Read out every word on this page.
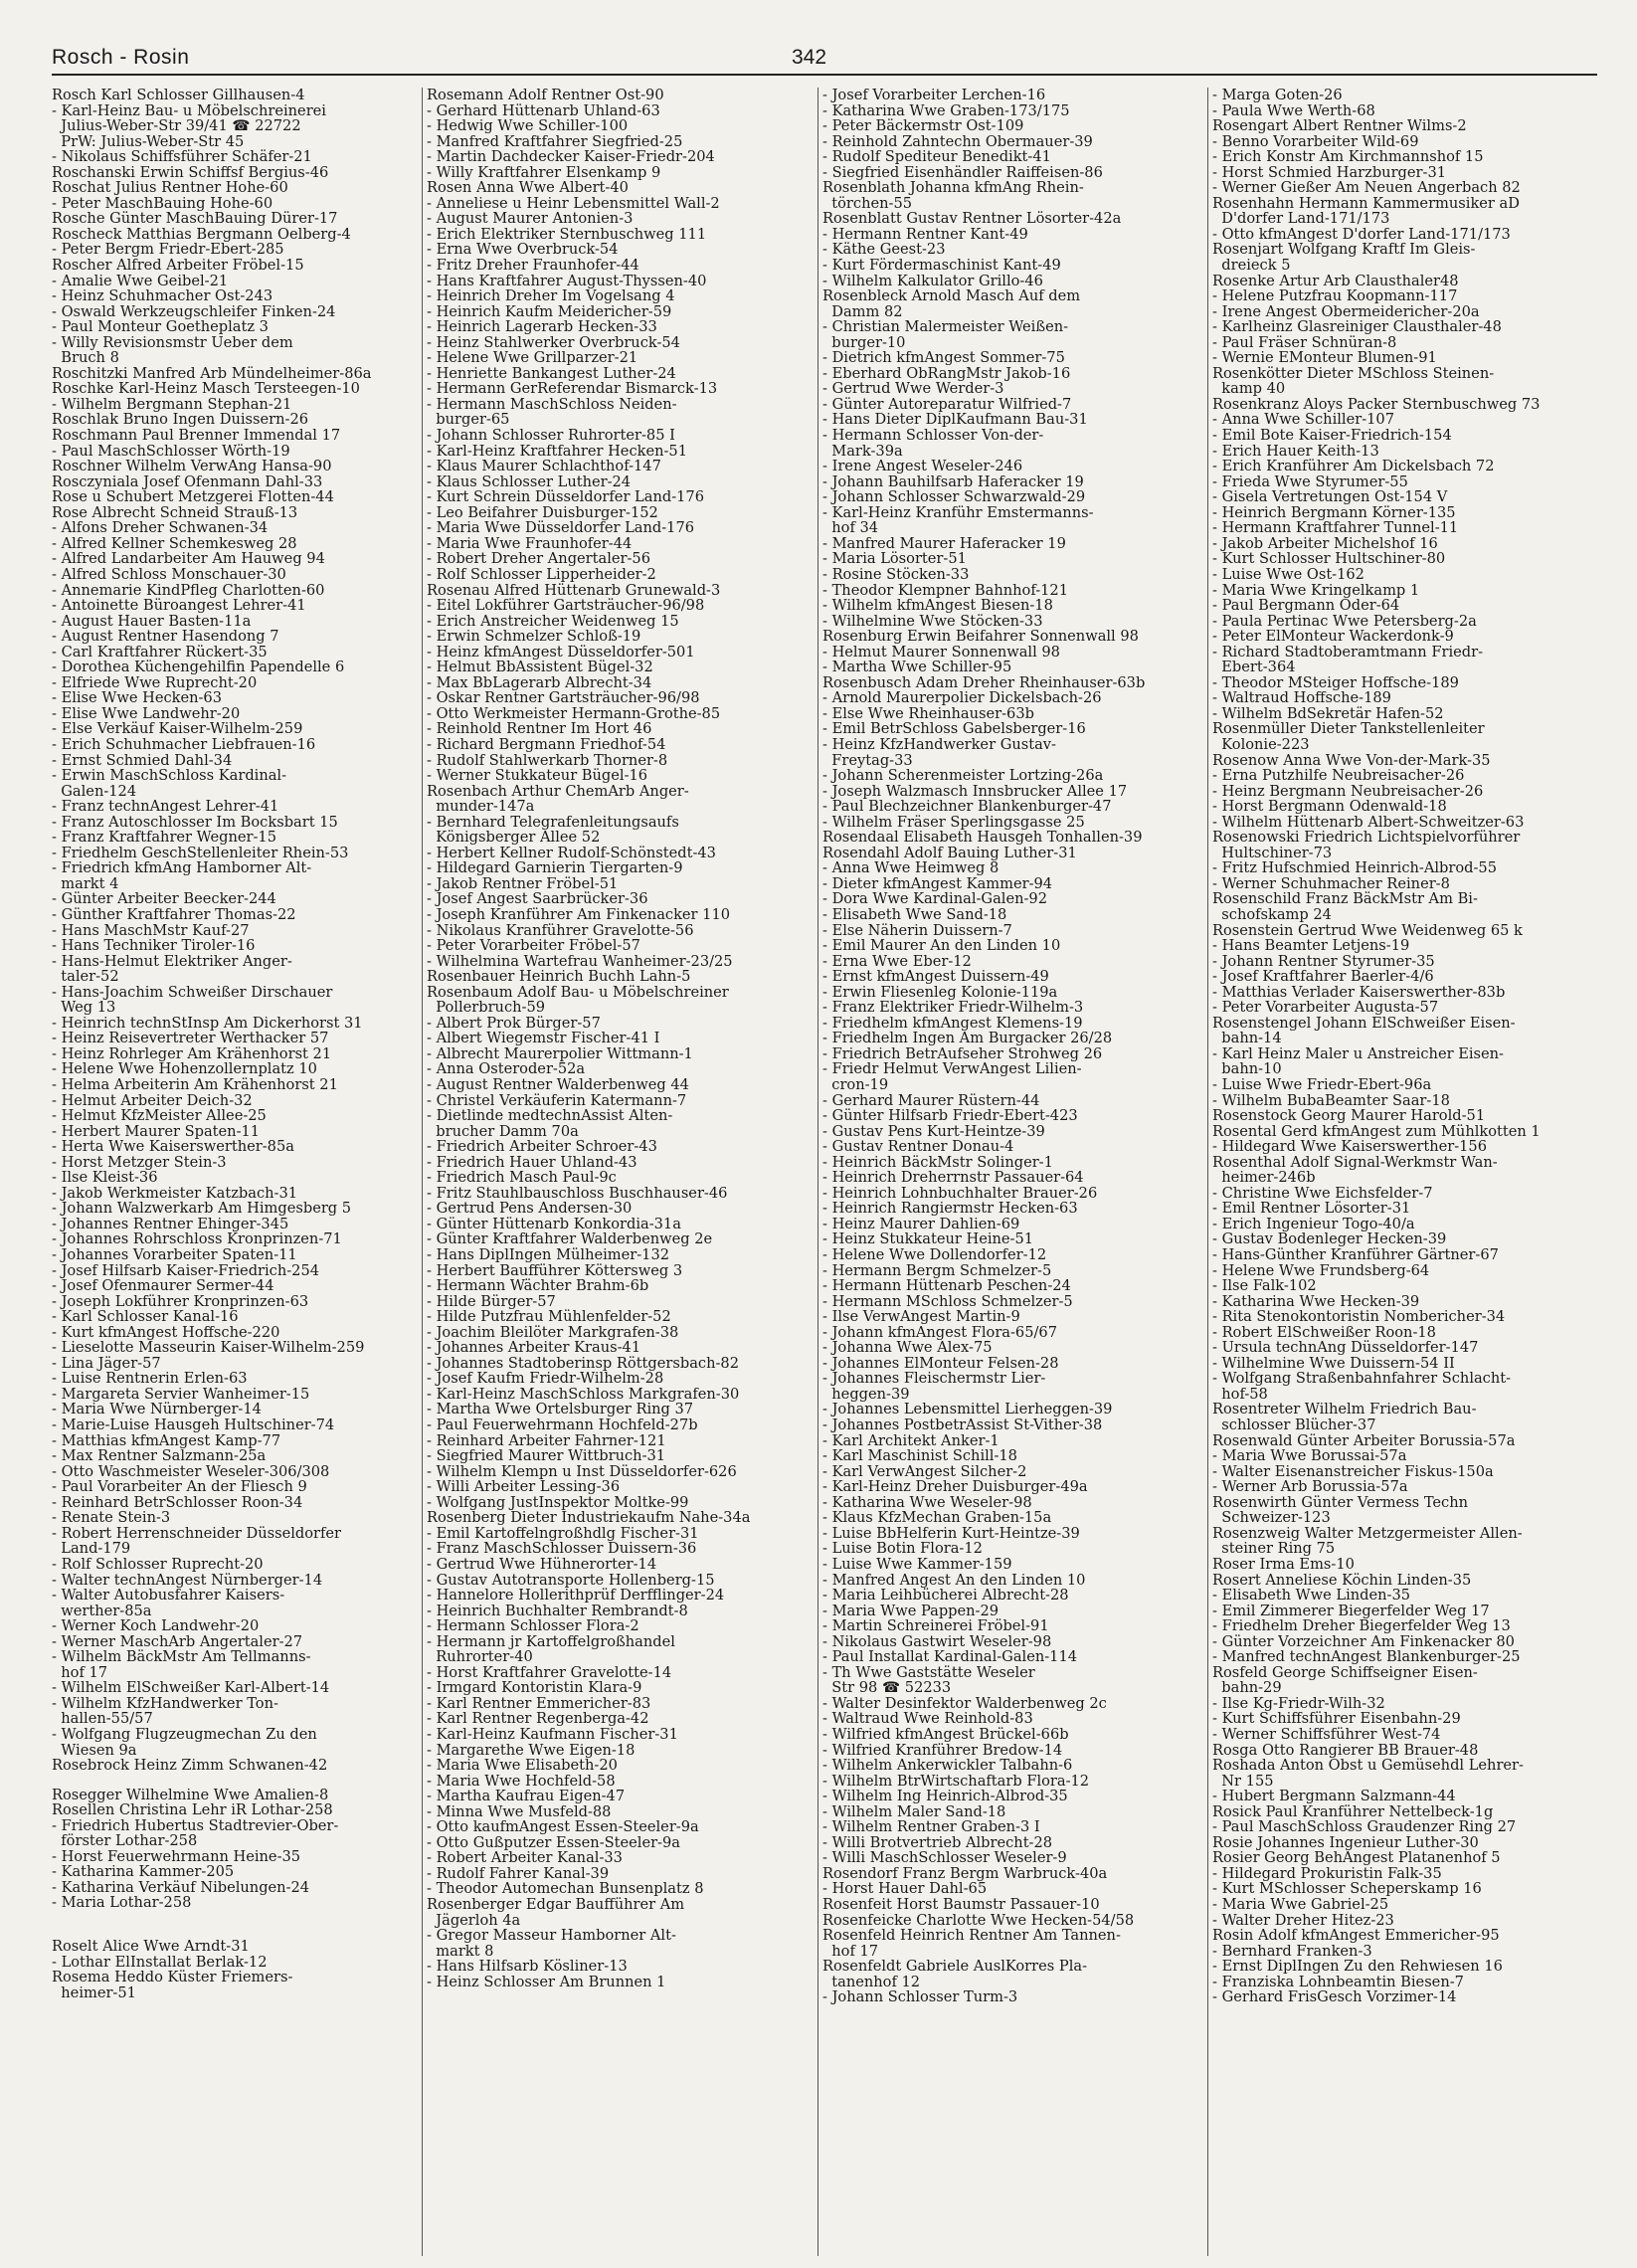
Rosch - Rosin	342
Rosch Karl Schlosser Gillhausen-4
- Karl-Heinz Bau- u Möbelschreinerei
Julius-Weber-Str 39/41 ☎ 22722
PrW: Julius-Weber-Str 45
- Nikolaus Schiffsführer Schäfer-21
Roschanski Erwin Schiffsf Bergius-46
Roschat Julius Rentner Hohe-60
- Peter MaschBauing Hohe-60
Rosche Günter MaschBauing Dürer-17
Roscheck Matthias Bergmann Oelberg-4
- Peter Bergm Friedr-Ebert-285
Roscher Alfred Arbeiter Fröbel-15
- Amalie Wwe Geibel-21
- Heinz Schuhmacher Ost-243
- Oswald Werkzeugschleifer Finken-24
- Paul Monteur Goetheplatz 3
- Willy Revisionsmstr Ueber dem
Bruch 8
Roschitzki Manfred Arb Mündelheimer-86a
Roschke Karl-Heinz Masch Tersteegen-10
- Wilhelm Bergmann Stephan-21
Roschlak Bruno Ingen Duissern-26
Roschmann Paul Brenner Immendal 17
- Paul MaschSchlosser Wörth-19
Roschner Wilhelm VerwAng Hansa-90
Rosczyniala Josef Ofenmann Dahl-33
Rose u Schubert Metzgerei Flotten-44
Rose Albrecht Schneid Strauß-13
- Alfons Dreher Schwanen-34
- Alfred Kellner Schemkesweg 28
- Alfred Landarbeiter Am Hauweg 94
- Alfred Schloss Monschauer-30
- Annemarie KindPfleg Charlotten-60
- Antoinette Büroangest Lehrer-41
- August Hauer Basten-11a
- August Rentner Hasendong 7
- Carl Kraftfahrer Rückert-35
- Dorothea Küchengehilfin Papendelle 6
- Elfriede Wwe Ruprecht-20
- Elise Wwe Hecken-63
- Elise Wwe Landwehr-20
- Else Verkäuf Kaiser-Wilhelm-259
- Erich Schuhmacher Liebfrauen-16
- Ernst Schmied Dahl-34
- Erwin MaschSchloss Kardinal-
Galen-124
- Franz technAngest Lehrer-41
- Franz Autoschlosser Im Bocksbart 15
- Franz Kraftfahrer Wegner-15
- Friedhelm GeschStellenleiter Rhein-53
- Friedrich kfmAng Hamborner Alt-
markt 4
- Günter Arbeiter Beecker-244
- Günther Kraftfahrer Thomas-22
- Hans MaschMstr Kauf-27
- Hans Techniker Tiroler-16
- Hans-Helmut Elektriker Anger-
taler-52
- Hans-Joachim Schweißer Dirschauer
Weg 13
- Heinrich technStInsp Am Dickerhorst 31
- Heinz Reisevertreter Werthacker 57
- Heinz Rohrleger Am Krähenhorst 21
- Helene Wwe Hohenzollernplatz 10
- Helma Arbeiterin Am Krähenhorst 21
- Helmut Arbeiter Deich-32
- Helmut KfzMeister Allee-25
- Herbert Maurer Spaten-11
- Herta Wwe Kaiserswerther-85a
- Horst Metzger Stein-3
- Ilse Kleist-36
- Jakob Werkmeister Katzbach-31
- Johann Walzwerkarb Am Himgesberg 5
- Johannes Rentner Ehinger-345
- Johannes Rohrschloss Kronprinzen-71
- Johannes Vorarbeiter Spaten-11
- Josef Hilfsarb Kaiser-Friedrich-254
- Josef Ofenmaurer Sermer-44
- Joseph Lokführer Kronprinzen-63
- Karl Schlosser Kanal-16
- Kurt kfmAngest Hoffsche-220
- Lieselotte Masseurin Kaiser-Wilhelm-259
- Lina Jäger-57
- Luise Rentnerin Erlen-63
- Margareta Servier Wanheimer-15
- Maria Wwe Nürnberger-14
- Marie-Luise Hausgeh Hultschiner-74
- Matthias kfmAngest Kamp-77
- Max Rentner Salzmann-25a
- Otto Waschmeister Weseler-306/308
- Paul Vorarbeiter An der Fliesch 9
- Reinhard BetrSchlosser Roon-34
- Renate Stein-3
- Robert Herrenschneider Düsseldorfer
Land-179
- Rolf Schlosser Ruprecht-20
- Walter technAngest Nürnberger-14
- Walter Autobusfahrer Kaisers-
werther-85a
- Werner Koch Landwehr-20
- Werner MaschArb Angertaler-27
- Wilhelm BäckMstr Am Tellmanns-
hof 17
- Wilhelm ElSchweißer Karl-Albert-14
- Wilhelm KfzHandwerker Ton-
hallen-55/57
- Wolfgang Flugzeugmechan Zu den
Wiesen 9a
Rosebrock Heinz Zimm Schwanen-42
Rosegger Wilhelmine Wwe Amalien-8
Rosellen Christina Lehr iR Lothar-258
- Friedrich Hubertus Stadtrevier-Ober-
förster Lothar-258
- Horst Feuerwehrmann Heine-35
- Katharina Kammer-205
- Katharina Verkäuf Nibelungen-24
- Maria Lothar-258
Roselt Alice Wwe Arndt-31
- Lothar ElInstallat Berlak-12
Rosema Heddo Küster Friemers-
heimer-51
Rosemann Adolf Rentner Ost-90
- Gerhard Hüttenarb Uhland-63
- Hedwig Wwe Schiller-100
- Manfred Kraftfahrer Siegfried-25
- Martin Dachdecker Kaiser-Friedr-204
- Willy Kraftfahrer Elsenkamp 9
Rosen Anna Wwe Albert-40
- Anneliese u Heinr Lebensmittel Wall-2
- August Maurer Antonien-3
- Erich Elektriker Sternbuschweg 111
- Erna Wwe Overbruck-54
- Fritz Dreher Fraunhofer-44
- Hans Kraftfahrer August-Thyssen-40
- Heinrich Dreher Im Vogelsang 4
- Heinrich Kaufm Meidericher-59
- Heinrich Lagerarb Hecken-33
- Heinz Stahlwerker Overbruck-54
- Helene Wwe Grillparzer-21
- Henriette Bankangest Luther-24
- Hermann GerReferendar Bismarck-13
- Hermann MaschSchloss Neiden-
burger-65
- Johann Schlosser Ruhrorter-85 I
- Karl-Heinz Kraftfahrer Hecken-51
- Klaus Maurer Schlachthof-147
- Klaus Schlosser Luther-24
- Kurt Schrein Düsseldorfer Land-176
- Leo Beifahrer Duisburger-152
- Maria Wwe Düsseldorfer Land-176
- Maria Wwe Fraunhofer-44
- Robert Dreher Angertaler-56
- Rolf Schlosser Lipperheider-2
Rosenau Alfred Hüttenarb Grunewald-3
- Eitel Lokführer Gartsträucher-96/98
- Erich Anstreicher Weidenweg 15
- Erwin Schmelzer Schloß-19
- Heinz kfmAngest Düsseldorfer-501
- Helmut BbAssistent Bügel-32
- Max BbLagerarb Albrecht-34
- Oskar Rentner Gartsträucher-96/98
- Otto Werkmeister Hermann-Grothe-85
- Reinhold Rentner Im Hort 46
- Richard Bergmann Friedhof-54
- Rudolf Stahlwerkarb Thorner-8
- Werner Stukkateur Bügel-16
Rosenbach Arthur ChemArb Anger-
munder-147a
- Bernhard Telegrafenleitungsaufs
Königsberger Allee 52
- Herbert Kellner Rudolf-Schönstedt-43
- Hildegard Garnierin Tiergarten-9
- Jakob Rentner Fröbel-51
- Josef Angest Saarbrücker-36
- Joseph Kranführer Am Finkenacker 110
- Nikolaus Kranführer Gravelotte-56
- Peter Vorarbeiter Fröbel-57
- Wilhelmina Wartefrau Wanheimer-23/25
Rosenbauer Heinrich Buchh Lahn-5
Rosenbaum Adolf Bau- u Möbelschreiner
Pollerbruch-59
- Albert Prok Bürger-57
- Albert Wiegemstr Fischer-41 I
- Albrecht Maurerpolier Wittmann-1
- Anna Osteroder-52a
- August Rentner Walderbenweg 44
- Christel Verkäuferin Katermann-7
- Dietlinde medtechnAssist Alten-
brucher Damm 70a
- Friedrich Arbeiter Schroer-43
- Friedrich Hauer Uhland-43
- Friedrich Masch Paul-9c
- Fritz Stauhlbauschloss Buschhauser-46
- Gertrud Pens Andersen-30
- Günter Hüttenarb Konkordia-31a
- Günter Kraftfahrer Walderbenweg 2e
- Hans DiplIngen Mülheimer-132
- Herbert Baufführer Köttersweg 3
- Hermann Wächter Brahm-6b
- Hilde Bürger-57
- Hilde Putzfrau Mühlenfelder-52
- Joachim Bleilöter Markgrafen-38
- Johannes Arbeiter Kraus-41
- Johannes Stadtoberinsp Röttgersbach-82
- Josef Kaufm Friedr-Wilhelm-28
- Karl-Heinz MaschSchloss Markgrafen-30
- Martha Wwe Ortelsburger Ring 37
- Paul Feuerwehrmann Hochfeld-27b
- Reinhard Arbeiter Fahrner-121
- Siegfried Maurer Wittbruch-31
- Wilhelm Klempn u Inst Düsseldorfer-626
- Willi Arbeiter Lessing-36
- Wolfgang JustInspektor Moltke-99
Rosenberg Dieter Industriekaufm Nahe-34a
- Emil Kartoffelngroßhdlg Fischer-31
- Franz MaschSchlosser Duissern-36
- Gertrud Wwe Hühnerorter-14
- Gustav Autotransporte Hollenberg-15
- Hannelore Hollerithprüf Derfflinger-24
- Heinrich Buchhalter Rembrandt-8
- Hermann Schlosser Flora-2
- Hermann jr Kartoffelgroßhandel
Ruhrorter-40
- Horst Kraftfahrer Gravelotte-14
- Irmgard Kontoristin Klara-9
- Karl Rentner Emmericher-83
- Karl Rentner Regenberga-42
- Karl-Heinz Kaufmann Fischer-31
- Margarethe Wwe Eigen-18
- Maria Wwe Elisabeth-20
- Maria Wwe Hochfeld-58
- Martha Kaufrau Eigen-47
- Minna Wwe Musfeld-88
- Otto kaufmAngest Essen-Steeler-9a
- Otto Gußputzer Essen-Steeler-9a
- Robert Arbeiter Kanal-33
- Rudolf Fahrer Kanal-39
- Theodor Automechan Bunsenplatz 8
Rosenberger Edgar Baufführer Am
Jägerloh 4a
- Gregor Masseur Hamborner Alt-
markt 8
- Hans Hilfsarb Kösliner-13
- Heinz Schlosser Am Brunnen 1
- Josef Vorarbeiter Lerchen-16
- Katharina Wwe Graben-173/175
- Peter Bäckermstr Ost-109
- Reinhold Zahntechn Obermauer-39
- Rudolf Spediteur Benedikt-41
- Siegfried Eisenhändler Raiffeisen-86
Rosenblath Johanna kfmAng Rhein-
törchen-55
Rosenblatt Gustav Rentner Lösorter-42a
- Hermann Rentner Kant-49
- Käthe Geest-23
- Kurt Fördermaschinist Kant-49
- Wilhelm Kalkulator Grillo-46
Rosenbleck Arnold Masch Auf dem
Damm 82
- Christian Malermeister Weißen-
burger-10
- Dietrich kfmAngest Sommer-75
- Eberhard ObRangMstr Jakob-16
- Gertrud Wwe Werder-3
- Günter Autoreparatur Wilfried-7
- Hans Dieter DiplKaufmann Bau-31
- Hermann Schlosser Von-der-
Mark-39a
- Irene Angest Weseler-246
- Johann Bauhilfsarb Haferacker 19
- Johann Schlosser Schwarzwald-29
- Karl-Heinz Kranführ Emstermanns-
hof 34
- Manfred Maurer Haferacker 19
- Maria Lösorter-51
- Rosine Stöcken-33
- Theodor Klempner Bahnhof-121
- Wilhelm kfmAngest Biesen-18
- Wilhelmine Wwe Stöcken-33
Rosenburg Erwin Beifahrer Sonnenwall 98
- Helmut Maurer Sonnenwall 98
- Martha Wwe Schiller-95
Rosenbusch Adam Dreher Rheinhauser-63b
- Arnold Maurerpolier Dickelsbach-26
- Else Wwe Rheinhauser-63b
- Emil BetrSchloss Gabelsberger-16
- Heinz KfzHandwerker Gustav-
Freytag-33
- Johann Scherenmeister Lortzing-26a
- Joseph Walzmasch Innsbrucker Allee 17
- Paul Blechzeichner Blankenburger-47
- Wilhelm Fräser Sperlingsgasse 25
Rosendaal Elisabeth Hausgeh Tonhallen-39
Rosendahl Adolf Bauing Luther-31
- Anna Wwe Heimweg 8
- Dieter kfmAngest Kammer-94
- Dora Wwe Kardinal-Galen-92
- Elisabeth Wwe Sand-18
- Else Näherin Duissern-7
- Emil Maurer An den Linden 10
- Erna Wwe Eber-12
- Ernst kfmAngest Duissern-49
- Erwin Fliesenleg Kolonie-119a
- Franz Elektriker Friedr-Wilhelm-3
- Friedhelm kfmAngest Klemens-19
- Friedhelm Ingen Am Burgacker 26/28
- Friedrich BetrAufseher Strohweg 26
- Friedr Helmut VerwAngest Lilien-
cron-19
- Gerhard Maurer Rüstern-44
- Günter Hilfsarb Friedr-Ebert-423
- Gustav Pens Kurt-Heintze-39
- Gustav Rentner Donau-4
- Heinrich BäckMstr Solinger-1
- Heinrich Dreherrnstr Passauer-64
- Heinrich Lohnbuchhalter Brauer-26
- Heinrich Rangiermstr Hecken-63
- Heinz Maurer Dahlien-69
- Heinz Stukkateur Heine-51
- Helene Wwe Dollendorfer-12
- Hermann Bergm Schmelzer-5
- Hermann Hüttenarb Peschen-24
- Hermann MSchloss Schmelzer-5
- Ilse VerwAngest Martin-9
- Johann kfmAngest Flora-65/67
- Johanna Wwe Alex-75
- Johannes ElMonteur Felsen-28
- Johannes Fleischermstr Lier-
heggen-39
- Johannes Lebensmittel Lierheggen-39
- Johannes PostbetrAssist St-Vither-38
- Karl Architekt Anker-1
- Karl Maschinist Schill-18
- Karl VerwAngest Silcher-2
- Karl-Heinz Dreher Duisburger-49a
- Katharina Wwe Weseler-98
- Klaus KfzMechan Graben-15a
- Luise BbHelferin Kurt-Heintze-39
- Luise Botin Flora-12
- Luise Wwe Kammer-159
- Manfred Angest An den Linden 10
- Maria Leihbücherei Albrecht-28
- Maria Wwe Pappen-29
- Martin Schreinerei Fröbel-91
- Nikolaus Gastwirt Weseler-98
- Paul Installat Kardinal-Galen-114
- Th Wwe Gaststätte Weseler
Str 98 ☎ 52233
- Walter Desinfektor Walderbenweg 2c
- Waltraud Wwe Reinhold-83
- Wilfried kfmAngest Brückel-66b
- Wilfried Kranführer Bredow-14
- Wilhelm Ankerwickler Talbahn-6
- Wilhelm BtrWirtschaftarb Flora-12
- Wilhelm Ing Heinrich-Albrod-35
- Wilhelm Maler Sand-18
- Wilhelm Rentner Graben-3 I
- Willi Brotvertrieb Albrecht-28
- Willi MaschSchlosser Weseler-9
Rosendorf Franz Bergm Warbruck-40a
- Horst Hauer Dahl-65
Rosenfeit Horst Baumstr Passauer-10
Rosenfeicke Charlotte Wwe Hecken-54/58
Rosenfeld Heinrich Rentner Am Tannen-
hof 17
Rosenfeldt Gabriele AuslKorres Pla-
tanenhof 12
- Johann Schlosser Turm-3
- Marga Goten-26
- Paula Wwe Werth-68
Rosengart Albert Rentner Wilms-2
- Benno Vorarbeiter Wild-69
- Erich Konstr Am Kirchmannshof 15
- Horst Schmied Harzburger-31
- Werner Gießer Am Neuen Angerbach 82
Rosenhahn Hermann Kammermusiker aD
D'dorfer Land-171/173
- Otto kfmAngest D'dorfer Land-171/173
Rosenjart Wolfgang Kraftf Im Gleis-
dreieck 5
Rosenke Artur Arb Clausthaler48
- Helene Putzfrau Koopmann-117
- Irene Angest Obermeidericher-20a
- Karlheinz Glasreiniger Clausthaler-48
- Paul Fräser Schnüran-8
- Wernie EMonteur Blumen-91
Rosenkötter Dieter MSchloss Steinen-
kamp 40
Rosenkranz Aloys Packer Sternbuschweg 73
- Anna Wwe Schiller-107
- Emil Bote Kaiser-Friedrich-154
- Erich Hauer Keith-13
- Erich Kranführer Am Dickelsbach 72
- Frieda Wwe Styrumer-55
- Gisela Vertretungen Ost-154 V
- Heinrich Bergmann Körner-135
- Hermann Kraftfahrer Tunnel-11
- Jakob Arbeiter Michelshof 16
- Kurt Schlosser Hultschiner-80
- Luise Wwe Ost-162
- Maria Wwe Kringelkamp 1
- Paul Bergmann Oder-64
- Paula Pertinac Wwe Petersberg-2a
- Peter ElMonteur Wackerdonk-9
- Richard Stadtoberamtmann Friedr-
Ebert-364
- Theodor MSteiger Hoffsche-189
- Waltraud Hoffsche-189
- Wilhelm BdSekretär Hafen-52
Rosenmüller Dieter Tankstellenleiter
Kolonie-223
Rosenow Anna Wwe Von-der-Mark-35
- Erna Putzhilfe Neubreisacher-26
- Heinz Bergmann Neubreisacher-26
- Horst Bergmann Odenwald-18
- Wilhelm Hüttenarb Albert-Schweitzer-63
Rosenowski Friedrich Lichtspielvorführer
Hultschiner-73
- Fritz Hufschmied Heinrich-Albrod-55
- Werner Schuhmacher Reiner-8
Rosenschild Franz BäckMstr Am Bi-
schofskamp 24
Rosenstein Gertrud Wwe Weidenweg 65 k
- Hans Beamter Letjens-19
- Johann Rentner Styrumer-35
- Josef Kraftfahrer Baerler-4/6
- Matthias Verlader Kaiserswerther-83b
- Peter Vorarbeiter Augusta-57
Rosenstengel Johann ElSchweißer Eisen-
bahn-14
- Karl Heinz Maler u Anstreicher Eisen-
bahn-10
- Luise Wwe Friedr-Ebert-96a
- Wilhelm BubaBeamter Saar-18
Rosenstock Georg Maurer Harold-51
Rosental Gerd kfmAngest zum Mühlkotten 1
- Hildegard Wwe Kaiserswerther-156
Rosenthal Adolf Signal-Werkmstr Wan-
heimer-246b
- Christine Wwe Eichsfelder-7
- Emil Rentner Lösorter-31
- Erich Ingenieur Togo-40/a
- Gustav Bodenleger Hecken-39
- Hans-Günther Kranführer Gärtner-67
- Helene Wwe Frundsberg-64
- Ilse Falk-102
- Katharina Wwe Hecken-39
- Rita Stenokontoristin Nombericher-34
- Robert ElSchweißer Roon-18
- Ursula technAng Düsseldorfer-147
- Wilhelmine Wwe Duissern-54 II
- Wolfgang Straßenbahnfahrer Schlacht-
hof-58
Rosentreter Wilhelm Friedrich Bau-
schlosser Blücher-37
Rosenwald Günter Arbeiter Borussia-57a
- Maria Wwe Borussai-57a
- Walter Eisenanstreicher Fiskus-150a
- Werner Arb Borussia-57a
Rosenwirth Günter Vermess Techn
Schweizer-123
Rosenzweig Walter Metzgermeister Allen-
steiner Ring 75
Roser Irma Ems-10
Rosert Anneliese Köchin Linden-35
- Elisabeth Wwe Linden-35
- Emil Zimmerer Biegerfelder Weg 17
- Friedhelm Dreher Biegerfelder Weg 13
- Günter Vorzeichner Am Finkenacker 80
- Manfred technAngest Blankenburger-25
Rosfeld George Schiffseigner Eisen-
bahn-29
- Ilse Kg-Friedr-Wilh-32
- Kurt Schiffsführer Eisenbahn-29
- Werner Schiffsführer West-74
Rosga Otto Rangierer BB Brauer-48
Roshada Anton Obst u Gemüsehdl Lehrer-
Nr 155
- Hubert Bergmann Salzmann-44
Rosick Paul Kranführer Nettelbeck-1g
- Paul MaschSchloss Graudenzer Ring 27
Rosie Johannes Ingenieur Luther-30
Rosier Georg BehAngest Platanenhof 5
- Hildegard Prokuristin Falk-35
- Kurt MSchlosser Scheperskamp 16
- Maria Wwe Gabriel-25
- Walter Dreher Hitez-23
Rosin Adolf kfmAngest Emmericher-95
- Bernhard Franken-3
- Ernst DiplIngen Zu den Rehwiesen 16
- Franziska Lohnbeamtin Biesen-7
- Gerhard FrisGesch Vorzimer-14
